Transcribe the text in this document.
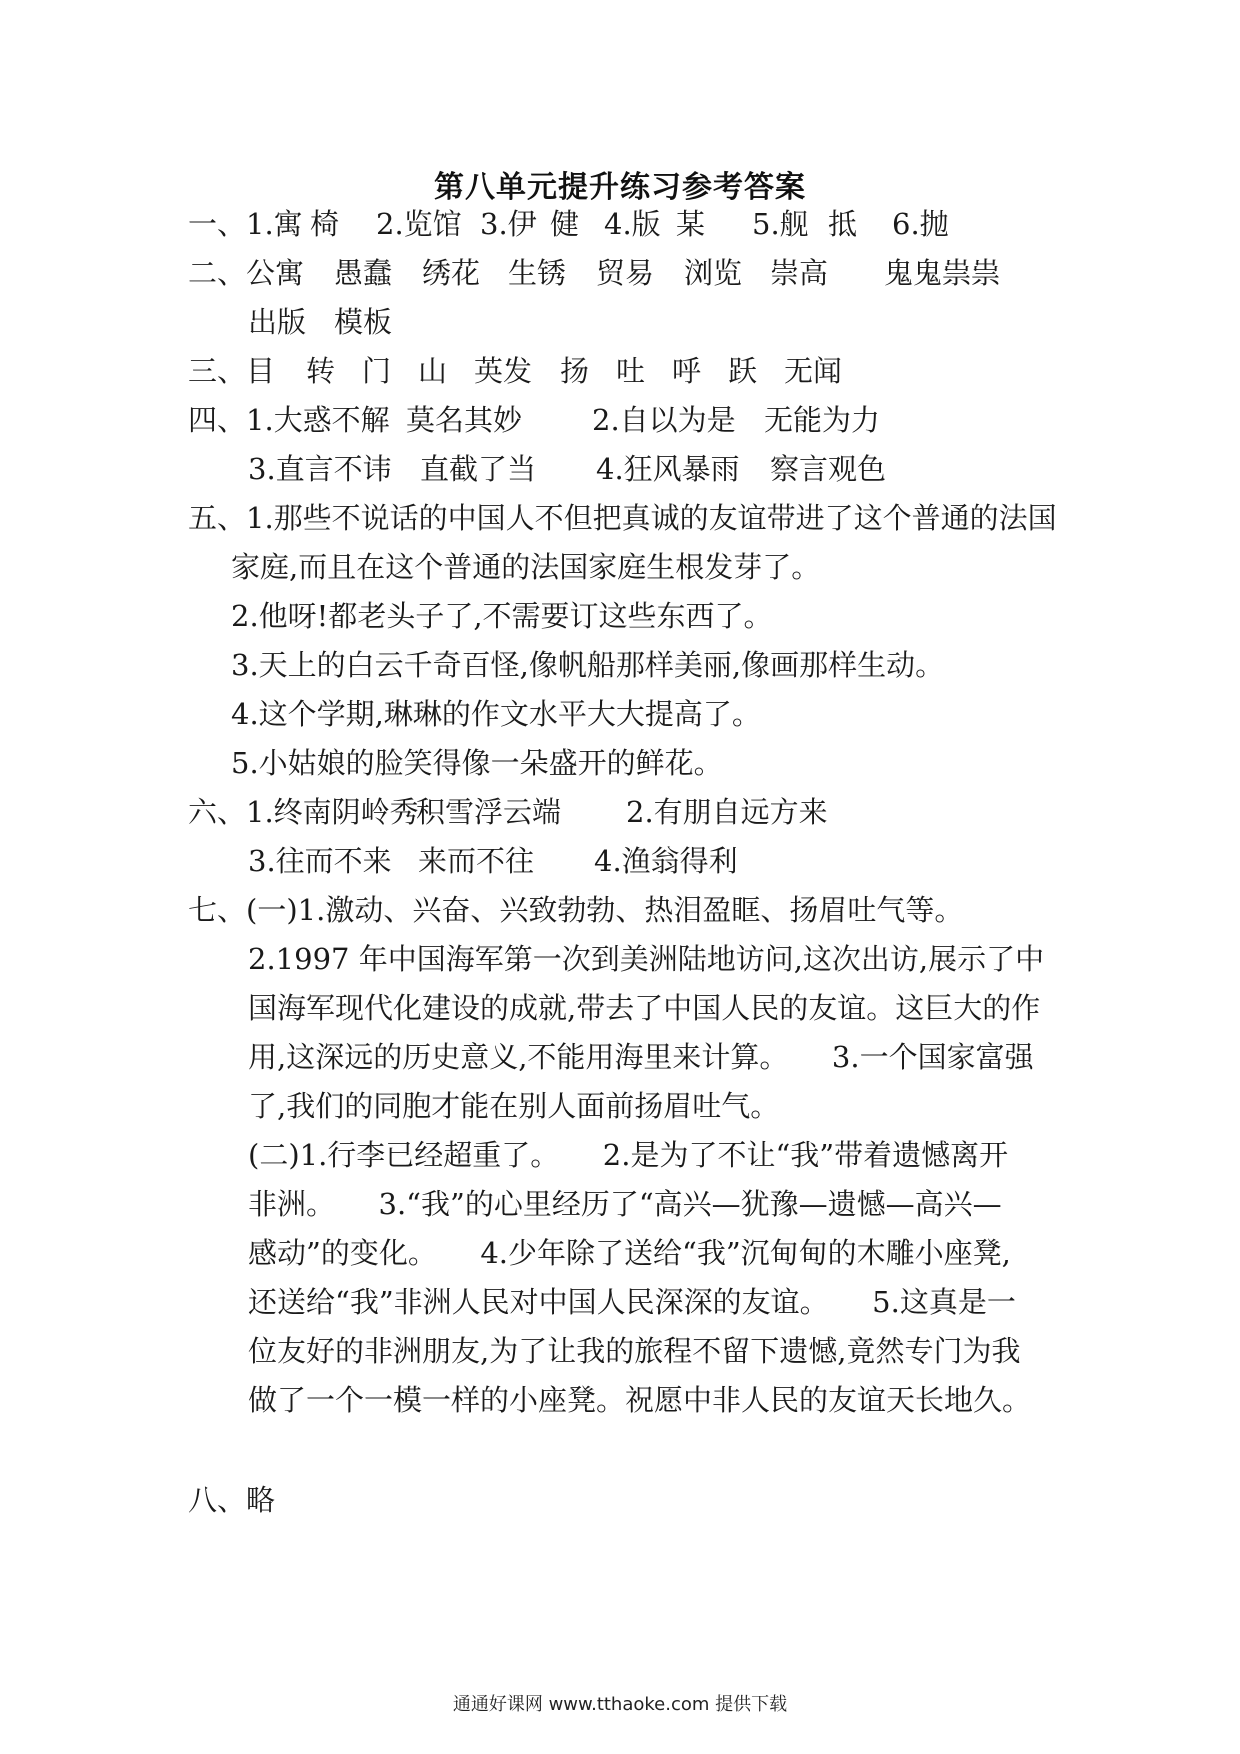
第八单元提升练习参考答案
一、1.寓 椅 2.览馆 3.伊 健 4.版 某 5.舰 抵 6.抛
二、公寓 愚蠢 绣花 生锈 贸易 浏览 崇高 鬼鬼祟祟
出版 模板
三、目 转 门 山 英发 扬 吐 呼 跃 无闻
四、1.大惑不解 莫名其妙 2.自以为是 无能为力
3.直言不讳 直截了当 4.狂风暴雨 察言观色
五、1.那些不说话的中国人不但把真诚的友谊带进了这个普通的法国
家庭,而且在这个普通的法国家庭生根发芽了。
2.他呀!都老头子了,不需要订这些东西了。
3.天上的白云千奇百怪,像帆船那样美丽,像画那样生动。
4.这个学期,琳琳的作文水平大大提高了。
5.小姑娘的脸笑得像一朵盛开的鲜花。
六、1.终南阴岭秀积雪浮云端 2.有朋自远方来
3.往而不来 来而不往 4.渔翁得利
七、(一)1.激动、兴奋、兴致勃勃、热泪盈眶、扬眉吐气等。
2.1997 年中国海军第一次到美洲陆地访问,这次出访,展示了中
国海军现代化建设的成就,带去了中国人民的友谊。这巨大的作
用,这深远的历史意义,不能用海里来计算。　　3.一个国家富强
了,我们的同胞才能在别人面前扬眉吐气。
(二)1.行李已经超重了。　　2.是为了不让“我”带着遗憾离开
非洲。　　3.“我”的心里经历了“高兴—犹豫—遗憾—高兴—
感动”的变化。　　4.少年除了送给“我”沉甸甸的木雕小座凳,
还送给“我”非洲人民对中国人民深深的友谊。　　5.这真是一
位友好的非洲朋友,为了让我的旅程不留下遗憾,竟然专门为我
做了一个一模一样的小座凳。祝愿中非人民的友谊天长地久。
八、略
通通好课网 www.tthaoke.com 提供下载
